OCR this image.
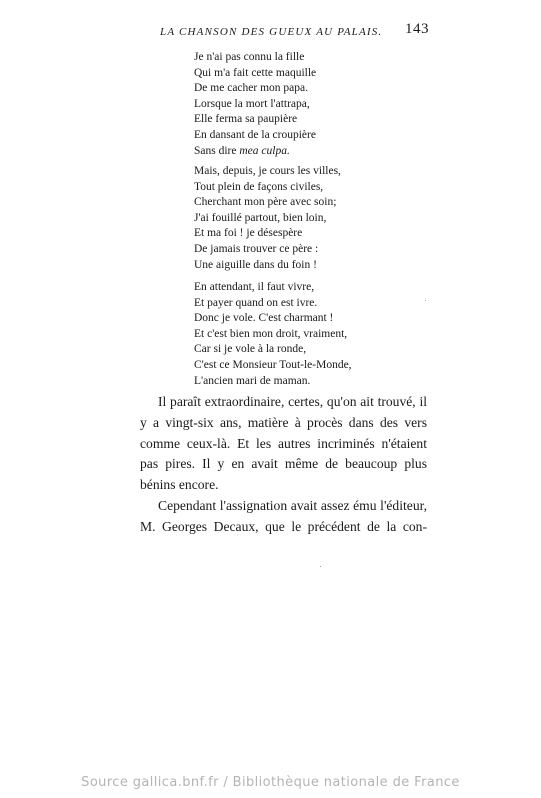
LA CHANSON DES GUEUX AU PALAIS.	143
Je n'ai pas connu la fille
Qui m'a fait cette maquille
De me cacher mon papa.
Lorsque la mort l'attrapa,
Elle ferma sa paupière
En dansant de la croupière
Sans dire mea culpa.
Mais, depuis, je cours les villes,
Tout plein de façons civiles,
Cherchant mon père avec soin;
J'ai fouillé partout, bien loin,
Et ma foi ! je désespère
De jamais trouver ce père :
Une aiguille dans du foin !
En attendant, il faut vivre,
Et payer quand on est ivre.
Donc je vole. C'est charmant !
Et c'est bien mon droit, vraiment,
Car si je vole à la ronde,
C'est ce Monsieur Tout-le-Monde,
L'ancien mari de maman.

Il paraît extraordinaire, certes, qu'on ait trouvé, il y a vingt-six ans, matière à procès dans des vers comme ceux-là. Et les autres incriminés n'étaient pas pires. Il y en avait même de beaucoup plus bénins encore.

Cependant l'assignation avait assez ému l'éditeur, M. Georges Decaux, que le précédent de la con-

Source gallica.bnf.fr / Bibliothèque nationale de France
